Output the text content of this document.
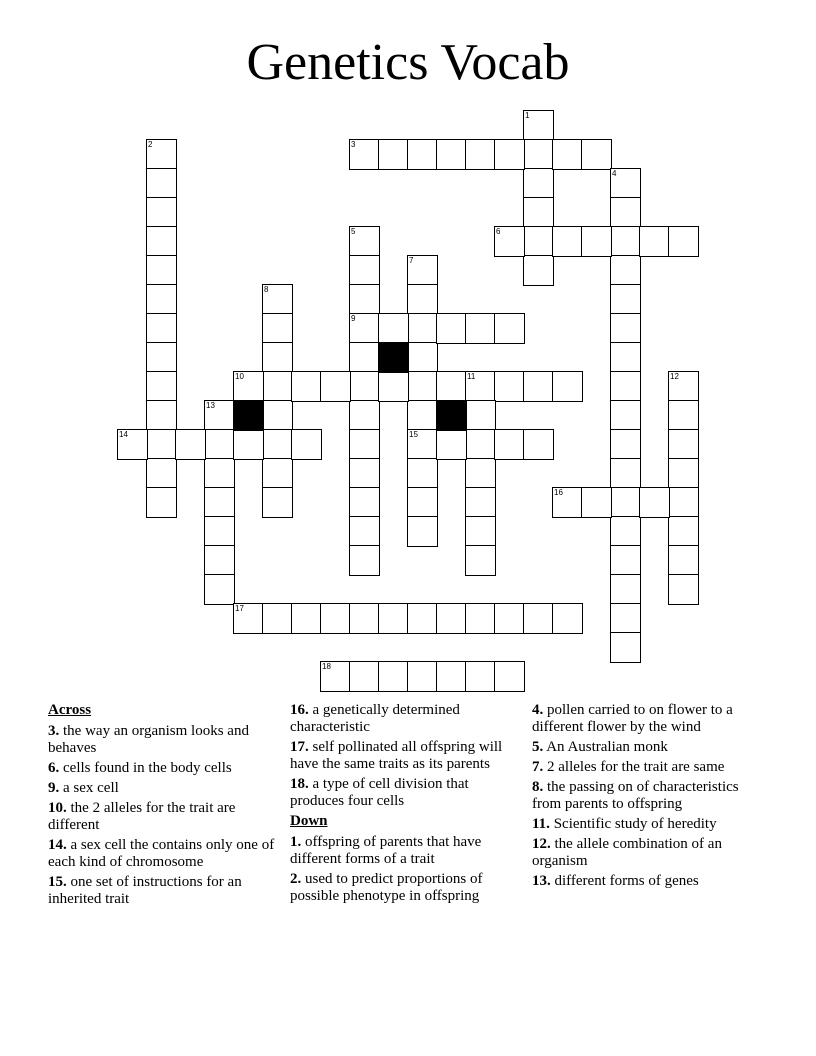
Genetics Vocab
1
2	3
4
5
9
6
7
15
8
10	11	12
13
14
16
17
18
Across
3. the way an organism looks and behaves
6. cells found in the body cells
9. a sex cell
10. the 2 alleles for the trait are different
14. a sex cell the contains only one of each kind of chromosome
15. one set of instructions for an inherited trait
16. a genetically determined characteristic
17. self pollinated all offspring will have the same traits as its parents
18. a type of cell division that produces four cells
Down
1. offspring of parents that have different forms of a trait
2. used to predict proportions of possible phenotype in offspring
4. pollen carried to on flower to a different flower by the wind
5. An Australian monk
7. 2 alleles for the trait are same
8. the passing on of characteristics from parents to offspring
11. Scientific study of heredity
12. the allele combination of an organism
13. different forms of genes
